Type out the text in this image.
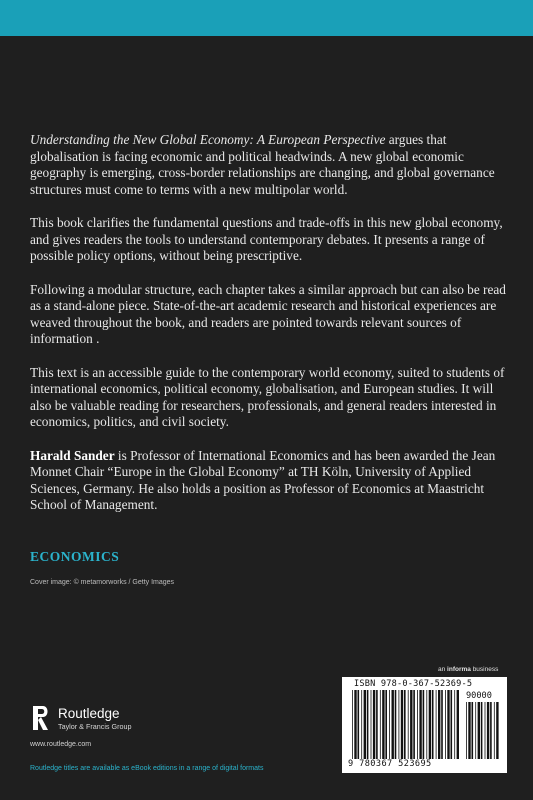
Understanding the New Global Economy: A European Perspective argues that globalisation is facing economic and political headwinds. A new global economic geography is emerging, cross-border relationships are changing, and global governance structures must come to terms with a new multipolar world.

This book clarifies the fundamental questions and trade-offs in this new global economy, and gives readers the tools to understand contemporary debates. It presents a range of possible policy options, without being prescriptive.

Following a modular structure, each chapter takes a similar approach but can also be read as a stand-alone piece. State-of-the-art academic research and historical experiences are weaved throughout the book, and readers are pointed towards relevant sources of information .

This text is an accessible guide to the contemporary world economy, suited to students of international economics, political economy, globalisation, and European studies. It will also be valuable reading for researchers, professionals, and general readers interested in economics, politics, and civil society.

Harald Sander is Professor of International Economics and has been awarded the Jean Monnet Chair “Europe in the Global Economy” at TH Köln, University of Applied Sciences, Germany. He also holds a position as Professor of Economics at Maastricht School of Management.

ECONOMICS
Cover image: © metamorworks / Getty Images
Routledge
Taylor & Francis Group
www.routledge.com
Routledge titles are available as eBook editions in a range of digital formats
an informa business
ISBN 978-0-367-52369-5
90000
9 780367 523695
